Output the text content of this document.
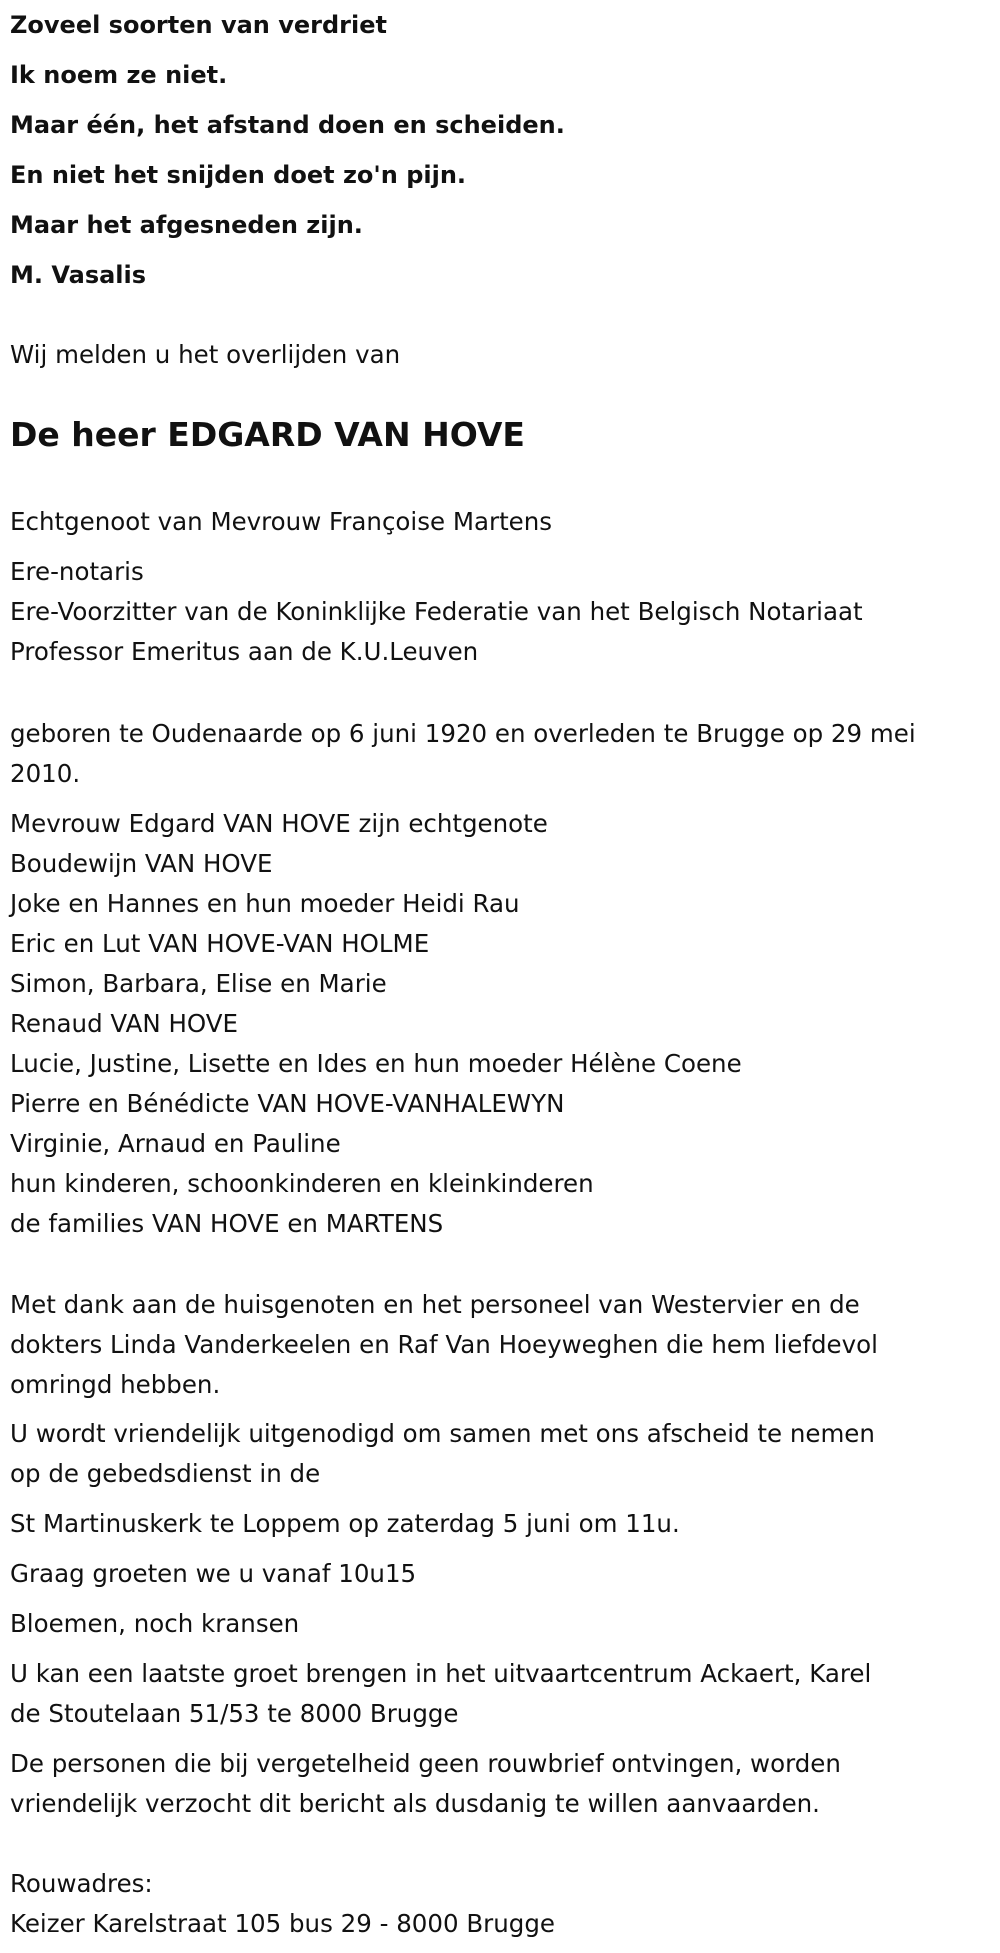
Zoveel soorten van verdriet
Ik noem ze niet.
Maar één, het afstand doen en scheiden.
En niet het snijden doet zo'n pijn.
Maar het afgesneden zijn.
M. Vasalis
Wij melden u het overlijden van
De heer EDGARD VAN HOVE
Echtgenoot van Mevrouw Françoise Martens
Ere-notaris
Ere-Voorzitter van de Koninklijke Federatie van het Belgisch Notariaat
Professor Emeritus aan de K.U.Leuven
geboren te Oudenaarde op 6 juni 1920 en overleden te Brugge op 29 mei
2010.
Mevrouw Edgard VAN HOVE zijn echtgenote
Boudewijn VAN HOVE
Joke en Hannes en hun moeder Heidi Rau
Eric en Lut VAN HOVE-VAN HOLME
Simon, Barbara, Elise en Marie
Renaud VAN HOVE
Lucie, Justine, Lisette en Ides en hun moeder Hélène Coene
Pierre en Bénédicte VAN HOVE-VANHALEWYN
Virginie, Arnaud en Pauline
hun kinderen, schoonkinderen en kleinkinderen
de families VAN HOVE en MARTENS
Met dank aan de huisgenoten en het personeel van Westervier en de
dokters Linda Vanderkeelen en Raf Van Hoeyweghen die hem liefdevol
omringd hebben.
U wordt vriendelijk uitgenodigd om samen met ons afscheid te nemen
op de gebedsdienst in de
St Martinuskerk te Loppem op zaterdag 5 juni om 11u.
Graag groeten we u vanaf 10u15
Bloemen, noch kransen
U kan een laatste groet brengen in het uitvaartcentrum Ackaert, Karel
de Stoutelaan 51/53 te 8000 Brugge
De personen die bij vergetelheid geen rouwbrief ontvingen, worden
vriendelijk verzocht dit bericht als dusdanig te willen aanvaarden.
Rouwadres:
Keizer Karelstraat 105 bus 29 - 8000 Brugge
